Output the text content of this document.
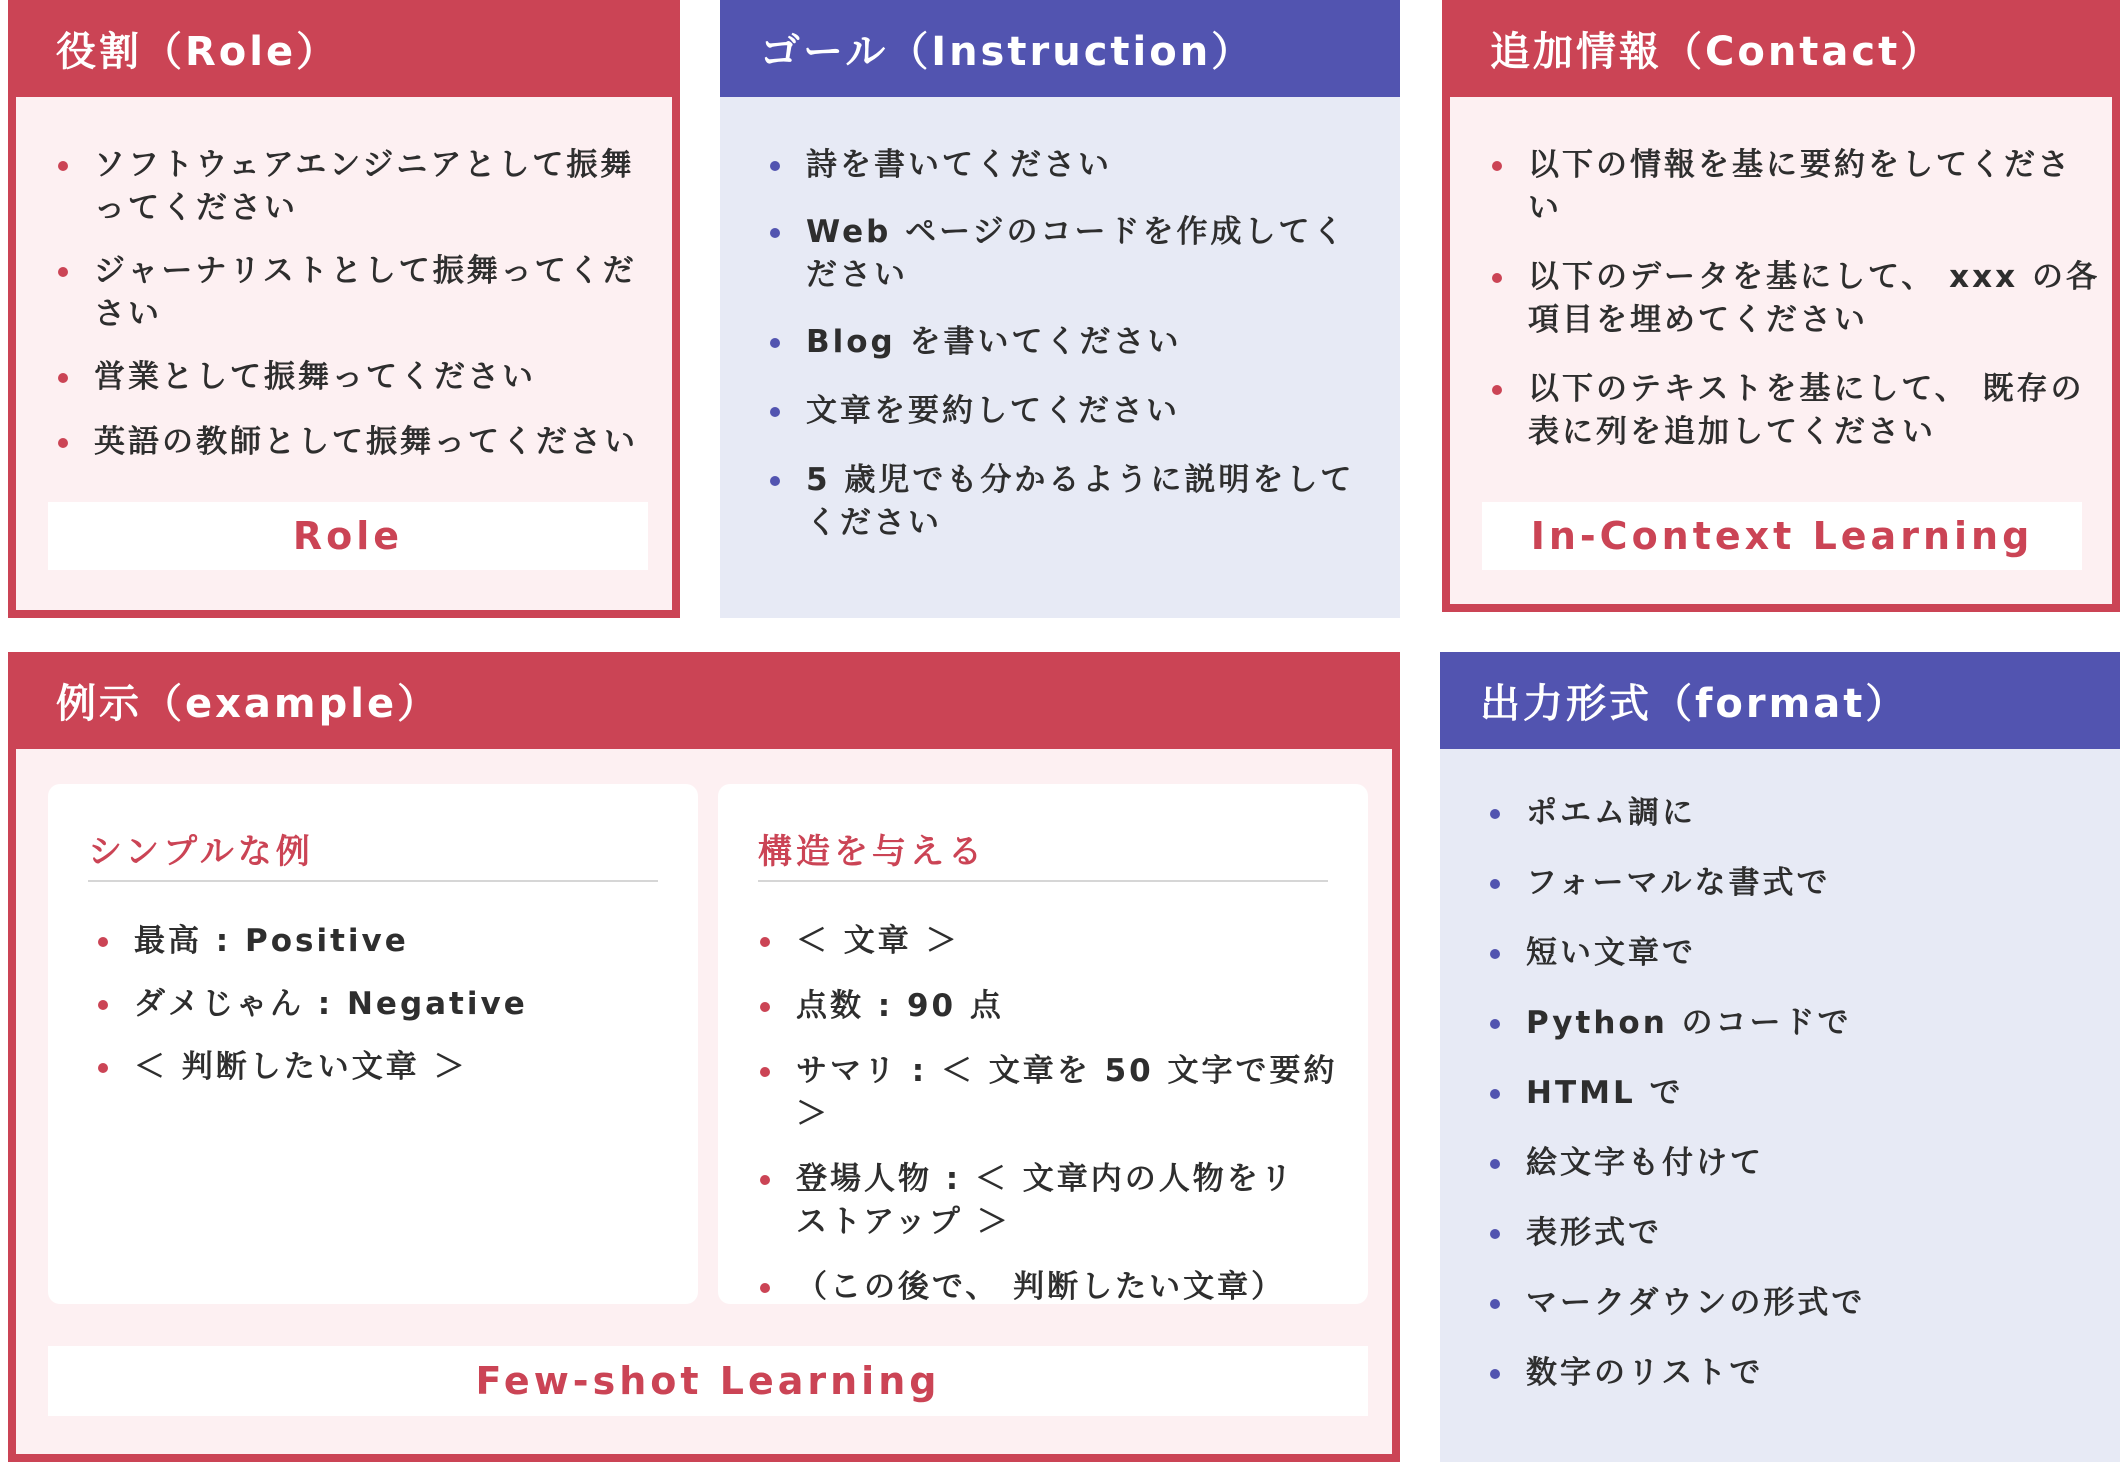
役割（Role）
ソフトウェアエンジニアとして振舞ってください
ジャーナリストとして振舞ってください
営業として振舞ってください
英語の教師として振舞ってください
Role
ゴール（Instruction）
詩を書いてください
Web ページのコードを作成してください
Blog を書いてください
文章を要約してください
5 歳児でも分かるように説明をしてください
追加情報（Contact）
以下の情報を基に要約をしてください
以下のデータを基にして、 xxx の各項目を埋めてください
以下のテキストを基にして、 既存の表に列を追加してください
In-Context Learning
例示（example）
シンプルな例
最高 : Positive
ダメじゃん : Negative
＜ 判断したい文章 ＞
構造を与える
＜ 文章 ＞
点数 : 90 点
サマリ : ＜ 文章を 50 文字で要約 ＞
登場人物 : ＜ 文章内の人物をリストアップ ＞
（この後で、 判断したい文章）
Few-shot Learning
出力形式（format）
ポエム調に
フォーマルな書式で
短い文章で
Python のコードで
HTML で
絵文字も付けて
表形式で
マークダウンの形式で
数字のリストで
